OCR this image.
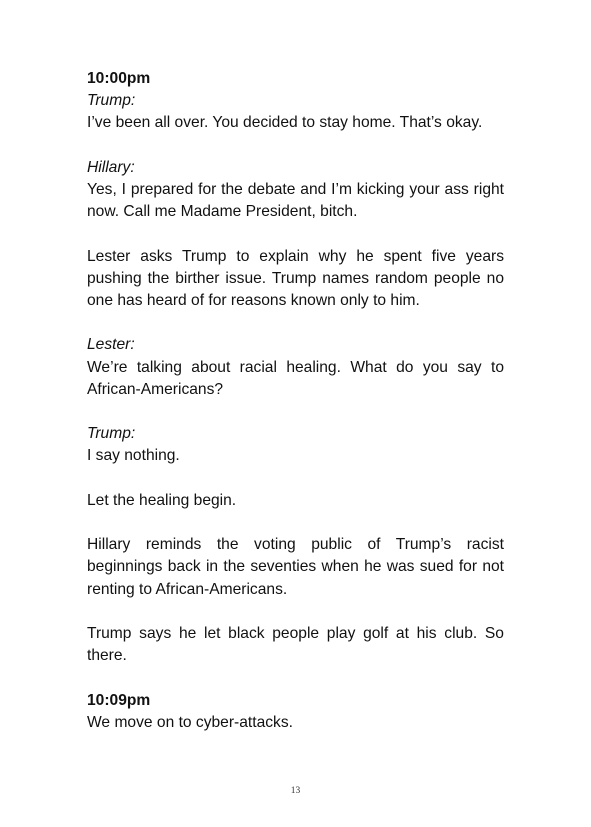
10:00pm
Trump:
I’ve been all over. You decided to stay home. That’s okay.
Hillary:
Yes, I prepared for the debate and I’m kicking your ass right now. Call me Madame President, bitch.
Lester asks Trump to explain why he spent five years pushing the birther issue. Trump names random people no one has heard of for reasons known only to him.
Lester:
We’re talking about racial healing. What do you say to African-Americans?
Trump:
I say nothing.
Let the healing begin.
Hillary reminds the voting public of Trump’s racist beginnings back in the seventies when he was sued for not renting to African-Americans.
Trump says he let black people play golf at his club. So there.
10:09pm
We move on to cyber-attacks.
13
